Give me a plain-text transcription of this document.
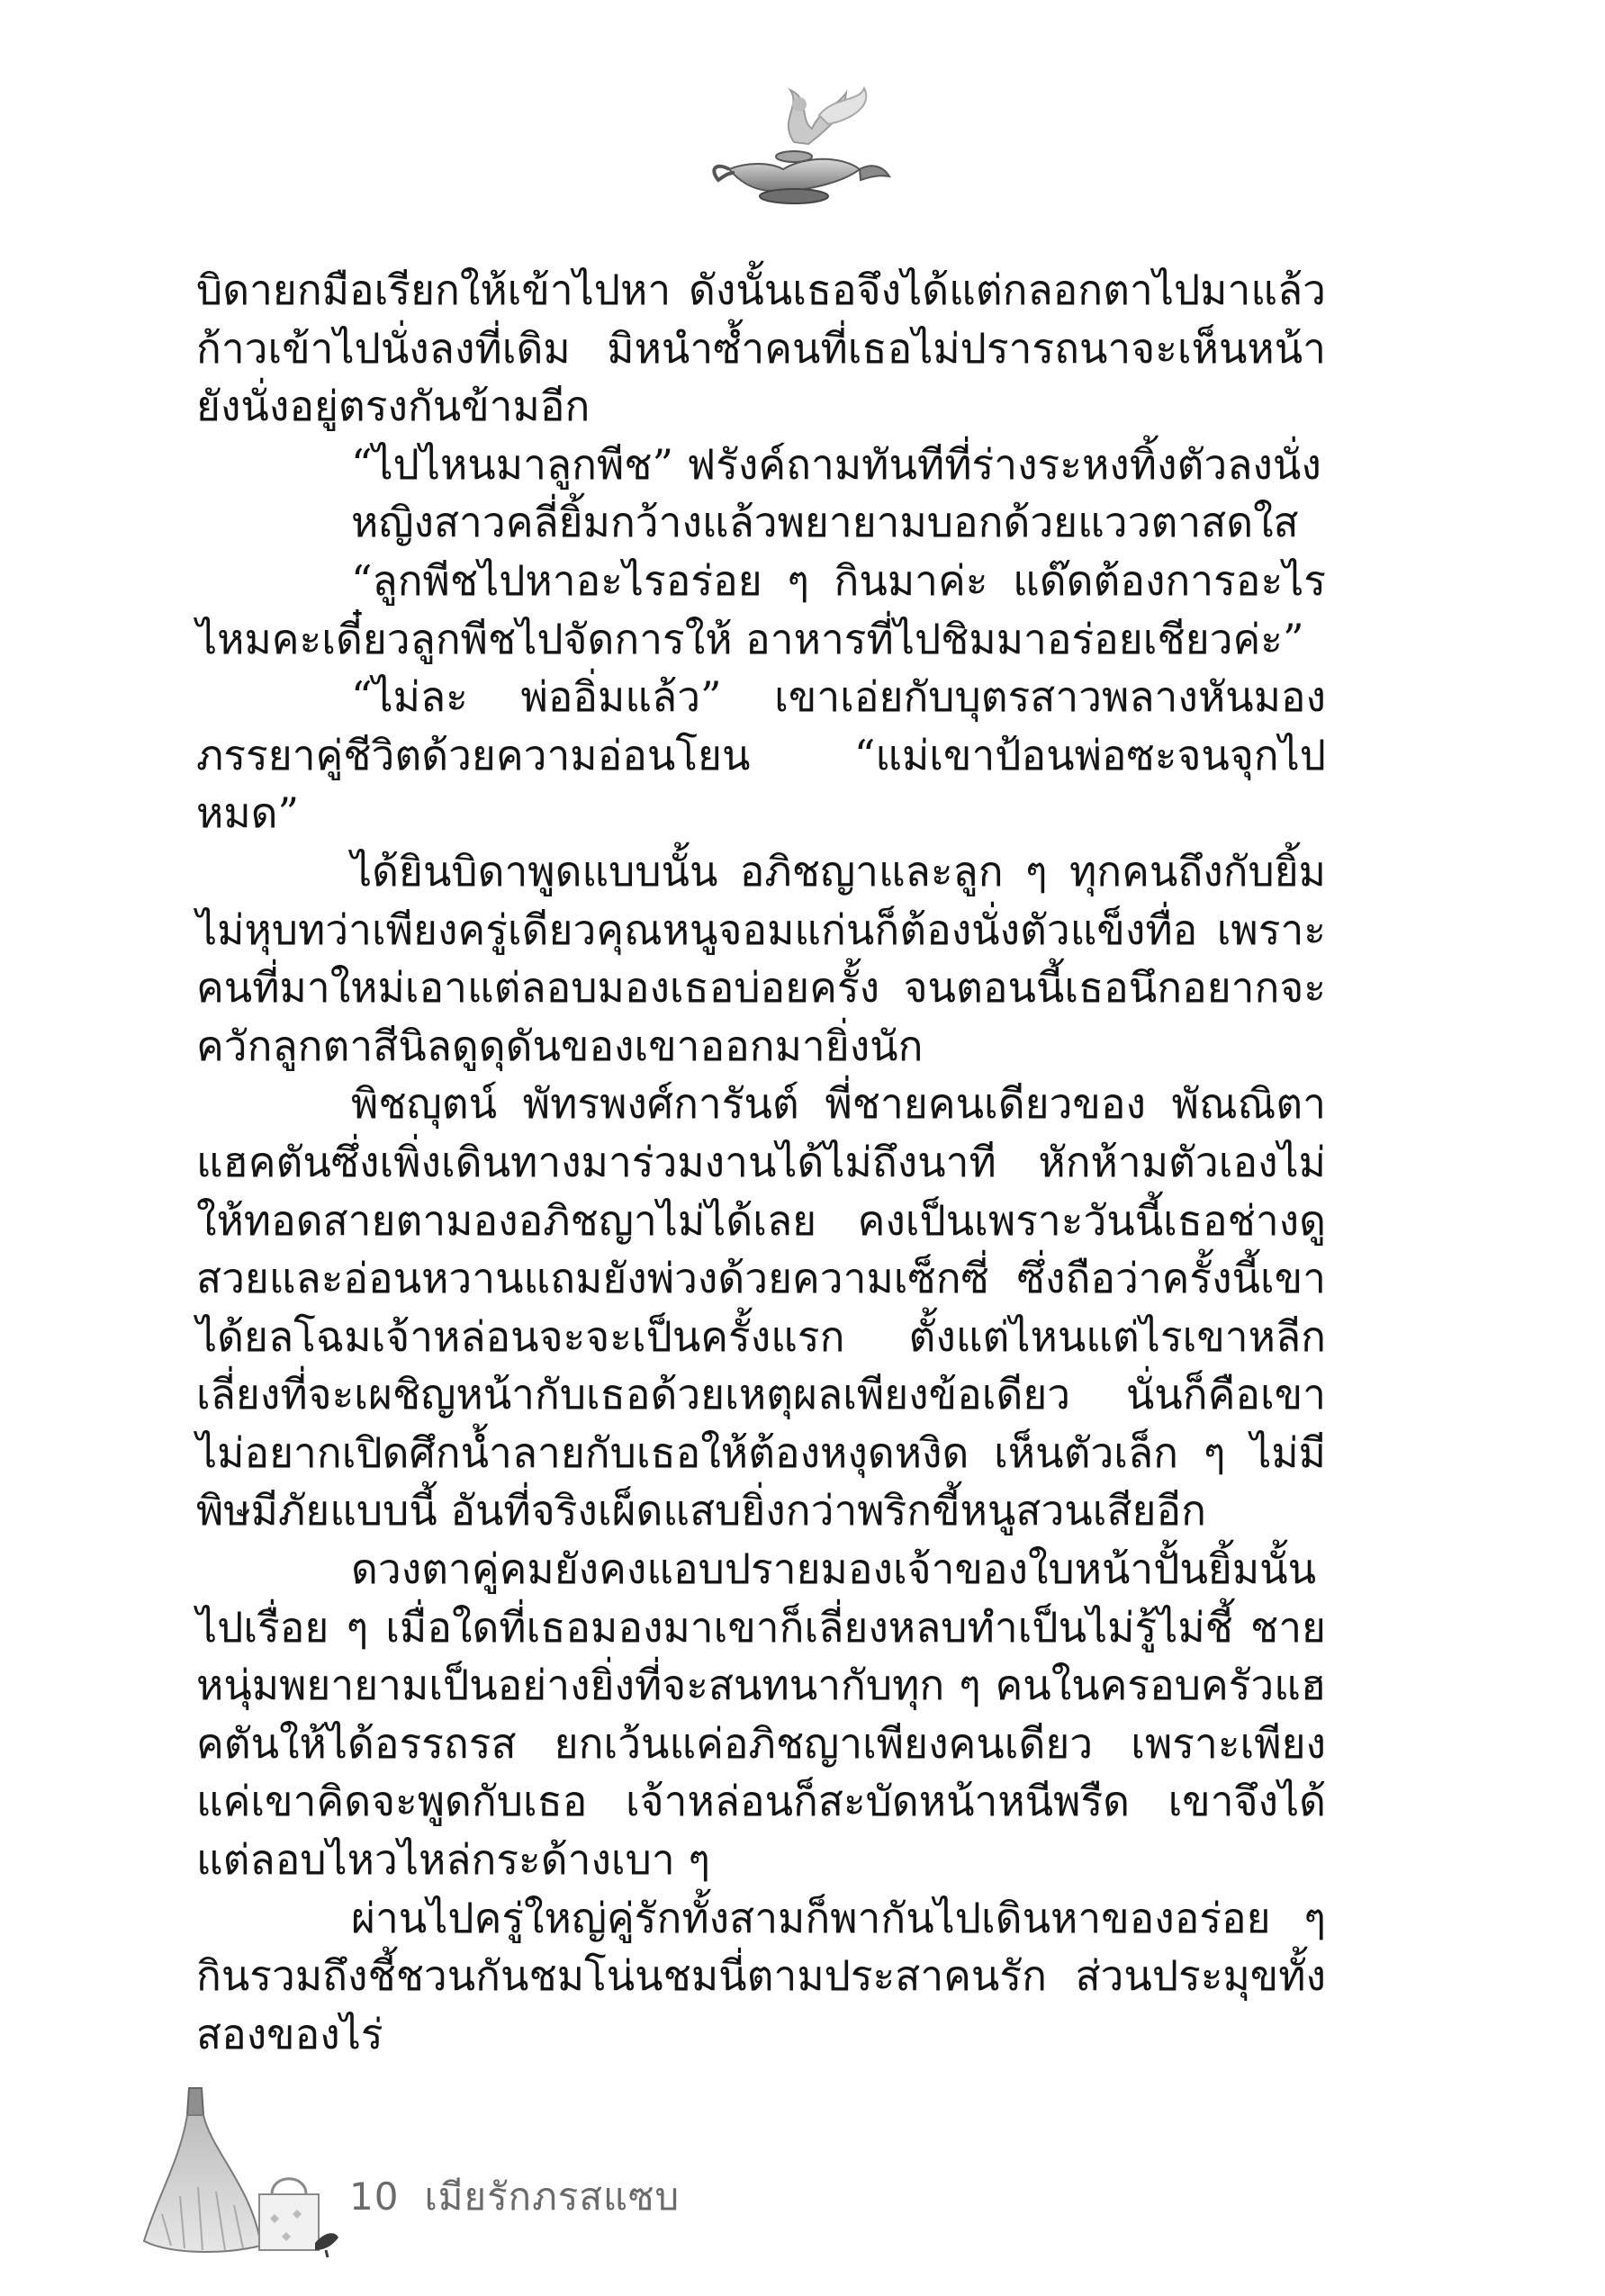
บิดายกมือเรียกให้เข้าไปหา ดังนั้นเธอจึงได้แต่กลอกตาไปมาแล้วก้าวเข้าไปนั่งลงที่เดิม มิหนำซ้ำคนที่เธอไม่ปรารถนาจะเห็นหน้ายังนั่งอยู่ตรงกันข้ามอีก

“ไปไหนมาลูกพีช” ฟรังค์ถามทันทีที่ร่างระหงทิ้งตัวลงนั่ง

หญิงสาวคลี่ยิ้มกว้างแล้วพยายามบอกด้วยแววตาสดใส

“ลูกพีชไปหาอะไรอร่อย ๆ กินมาค่ะ แด๊ดต้องการอะไรไหมคะเดี๋ยวลูกพีชไปจัดการให้ อาหารที่ไปชิมมาอร่อยเชียวค่ะ”

“ไม่ละ พ่ออิ่มแล้ว” เขาเอ่ยกับบุตรสาวพลางหันมองภรรยาคู่ชีวิตด้วยความอ่อนโยน “แม่เขาป้อนพ่อซะจนจุกไปหมด”

ได้ยินบิดาพูดแบบนั้น อภิชญาและลูก ๆ ทุกคนถึงกับยิ้มไม่หุบทว่าเพียงครู่เดียวคุณหนูจอมแก่นก็ต้องนั่งตัวแข็งทื่อ เพราะคนที่มาใหม่เอาแต่ลอบมองเธอบ่อยครั้ง จนตอนนี้เธอนึกอยากจะควักลูกตาสีนิลดูดุดันของเขาออกมายิ่งนัก

พิชญุตน์ พัทรพงศ์การันต์ พี่ชายคนเดียวของ พัณณิตา แฮคตันซึ่งเพิ่งเดินทางมาร่วมงานได้ไม่ถึงนาที หักห้ามตัวเองไม่ให้ทอดสายตามองอภิชญาไม่ได้เลย คงเป็นเพราะวันนี้เธอช่างดูสวยและอ่อนหวานแถมยังพ่วงด้วยความเซ็กซี่ ซึ่งถือว่าครั้งนี้เขาได้ยลโฉมเจ้าหล่อนจะจะเป็นครั้งแรก ตั้งแต่ไหนแต่ไรเขาหลีกเลี่ยงที่จะเผชิญหน้ากับเธอด้วยเหตุผลเพียงข้อเดียว นั่นก็คือเขาไม่อยากเปิดศึกน้ำลายกับเธอให้ต้องหงุดหงิด เห็นตัวเล็ก ๆ ไม่มีพิษมีภัยแบบนี้ อันที่จริงเผ็ดแสบยิ่งกว่าพริกขี้หนูสวนเสียอีก

ดวงตาคู่คมยังคงแอบปรายมองเจ้าของใบหน้าปั้นยิ้มนั้นไปเรื่อย ๆ เมื่อใดที่เธอมองมาเขาก็เลี่ยงหลบทำเป็นไม่รู้ไม่ชี้ ชายหนุ่มพยายามเป็นอย่างยิ่งที่จะสนทนากับทุก ๆ คนในครอบครัวแฮคตันให้ได้อรรถรส ยกเว้นแค่อภิชญาเพียงคนเดียว เพราะเพียงแค่เขาคิดจะพูดกับเธอ เจ้าหล่อนก็สะบัดหน้าหนีพรืด เขาจึงได้แต่ลอบไหวไหล่กระด้างเบา ๆ

ผ่านไปครู่ใหญ่คู่รักทั้งสามก็พากันไปเดินหาของอร่อย ๆ กินรวมถึงชี้ชวนกันชมโน่นชมนี่ตามประสาคนรัก ส่วนประมุขทั้งสองของไร่

10 เมียรักภรสแซบ
